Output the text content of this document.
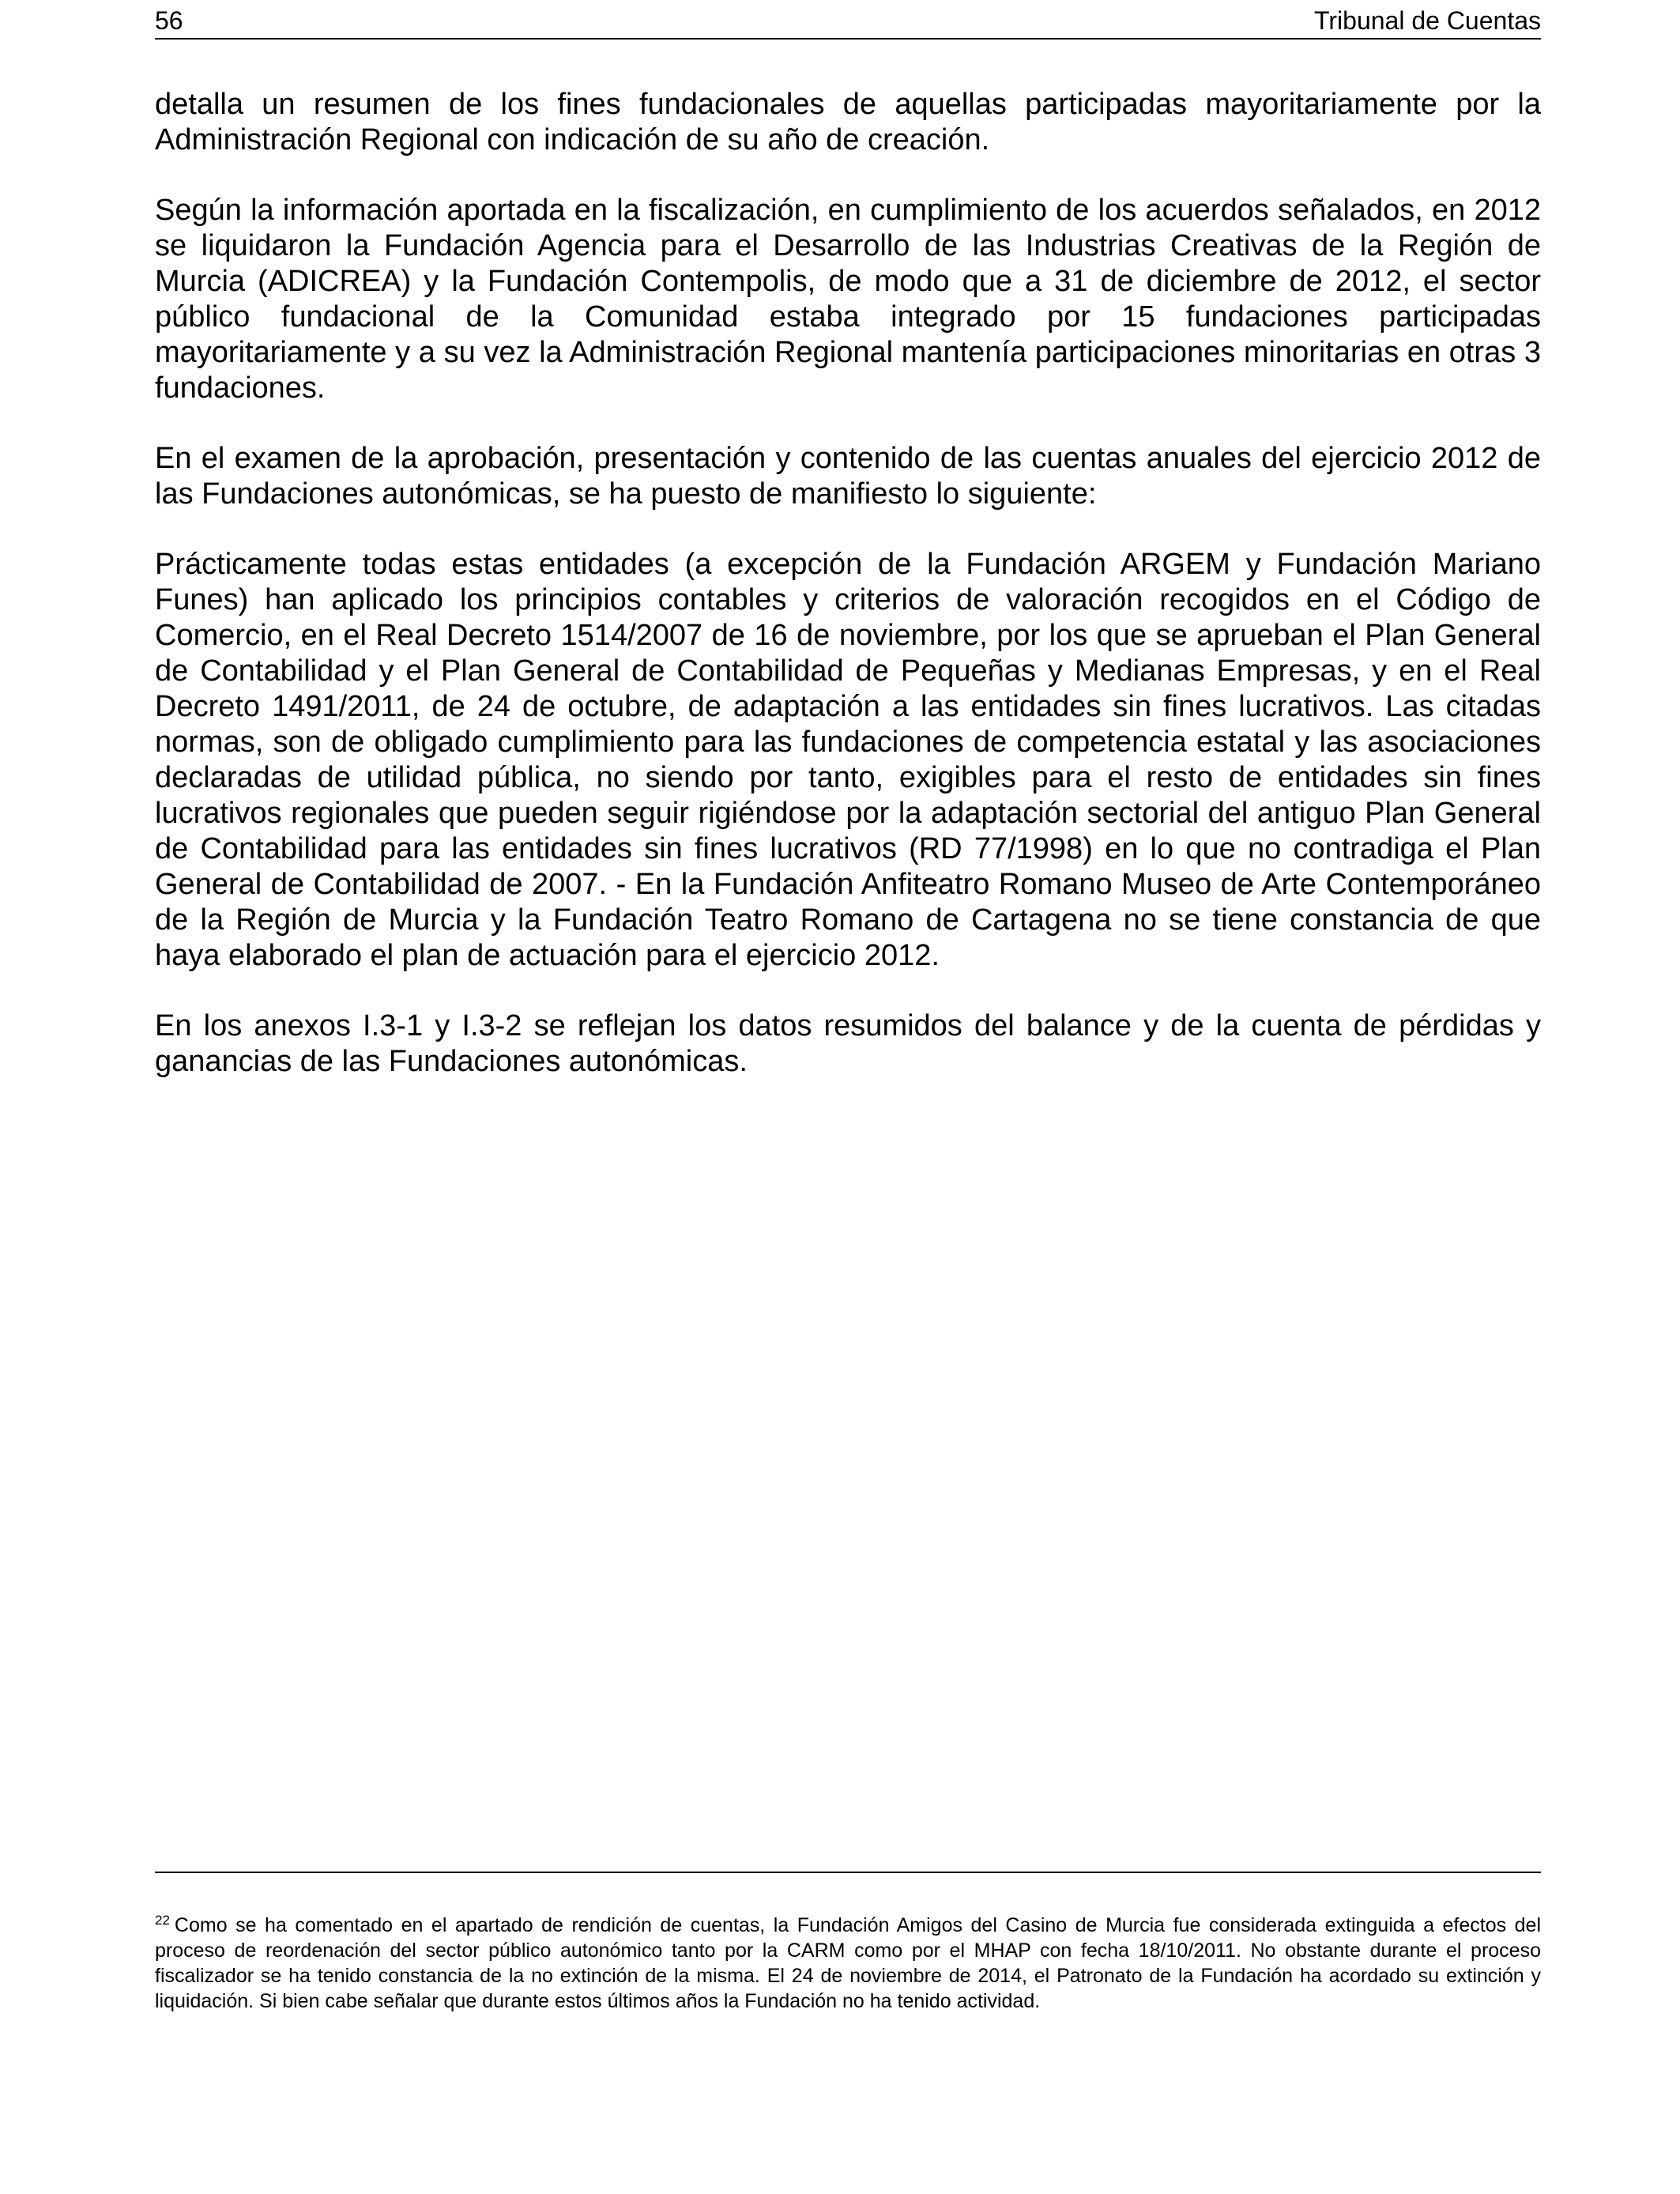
56	Tribunal de Cuentas

detalla un resumen de los fines fundacionales de aquellas participadas mayoritariamente por la Administración Regional con indicación de su año de creación.

Según la información aportada en la fiscalización, en cumplimiento de los acuerdos señalados, en 2012 se liquidaron la Fundación Agencia para el Desarrollo de las Industrias Creativas de la Región de Murcia (ADICREA) y la Fundación Contempolis, de modo que a 31 de diciembre de 2012, el sector público fundacional de la Comunidad estaba integrado por 15 fundaciones participadas mayoritariamente y a su vez la Administración Regional mantenía participaciones minoritarias en otras 3 fundaciones.

En el examen de la aprobación, presentación y contenido de las cuentas anuales del ejercicio 2012 de las Fundaciones autonómicas, se ha puesto de manifiesto lo siguiente:

Prácticamente todas estas entidades (a excepción de la Fundación ARGEM y Fundación Mariano Funes) han aplicado los principios contables y criterios de valoración recogidos en el Código de Comercio, en el Real Decreto 1514/2007 de 16 de noviembre, por los que se aprueban el Plan General de Contabilidad y el Plan General de Contabilidad de Pequeñas y Medianas Empresas, y en el Real Decreto 1491/2011, de 24 de octubre, de adaptación a las entidades sin fines lucrativos. Las citadas normas, son de obligado cumplimiento para las fundaciones de competencia estatal y las asociaciones declaradas de utilidad pública, no siendo por tanto, exigibles para el resto de entidades sin fines lucrativos regionales que pueden seguir rigiéndose por la adaptación sectorial del antiguo Plan General de Contabilidad para las entidades sin fines lucrativos (RD 77/1998) en lo que no contradiga el Plan General de Contabilidad de 2007. - En la Fundación Anfiteatro Romano Museo de Arte Contemporáneo de la Región de Murcia y la Fundación Teatro Romano de Cartagena no se tiene constancia de que haya elaborado el plan de actuación para el ejercicio 2012.

En los anexos I.3-1 y I.3-2 se reflejan los datos resumidos del balance y de la cuenta de pérdidas y ganancias de las Fundaciones autonómicas.

$^{22}$ Como se ha comentado en el apartado de rendición de cuentas, la Fundación Amigos del Casino de Murcia fue considerada extinguida a efectos del proceso de reordenación del sector público autonómico tanto por la CARM como por el MHAP con fecha 18/10/2011. No obstante durante el proceso fiscalizador se ha tenido constancia de la no extinción de la misma. El 24 de noviembre de 2014, el Patronato de la Fundación ha acordado su extinción y liquidación. Si bien cabe señalar que durante estos últimos años la Fundación no ha tenido actividad.
